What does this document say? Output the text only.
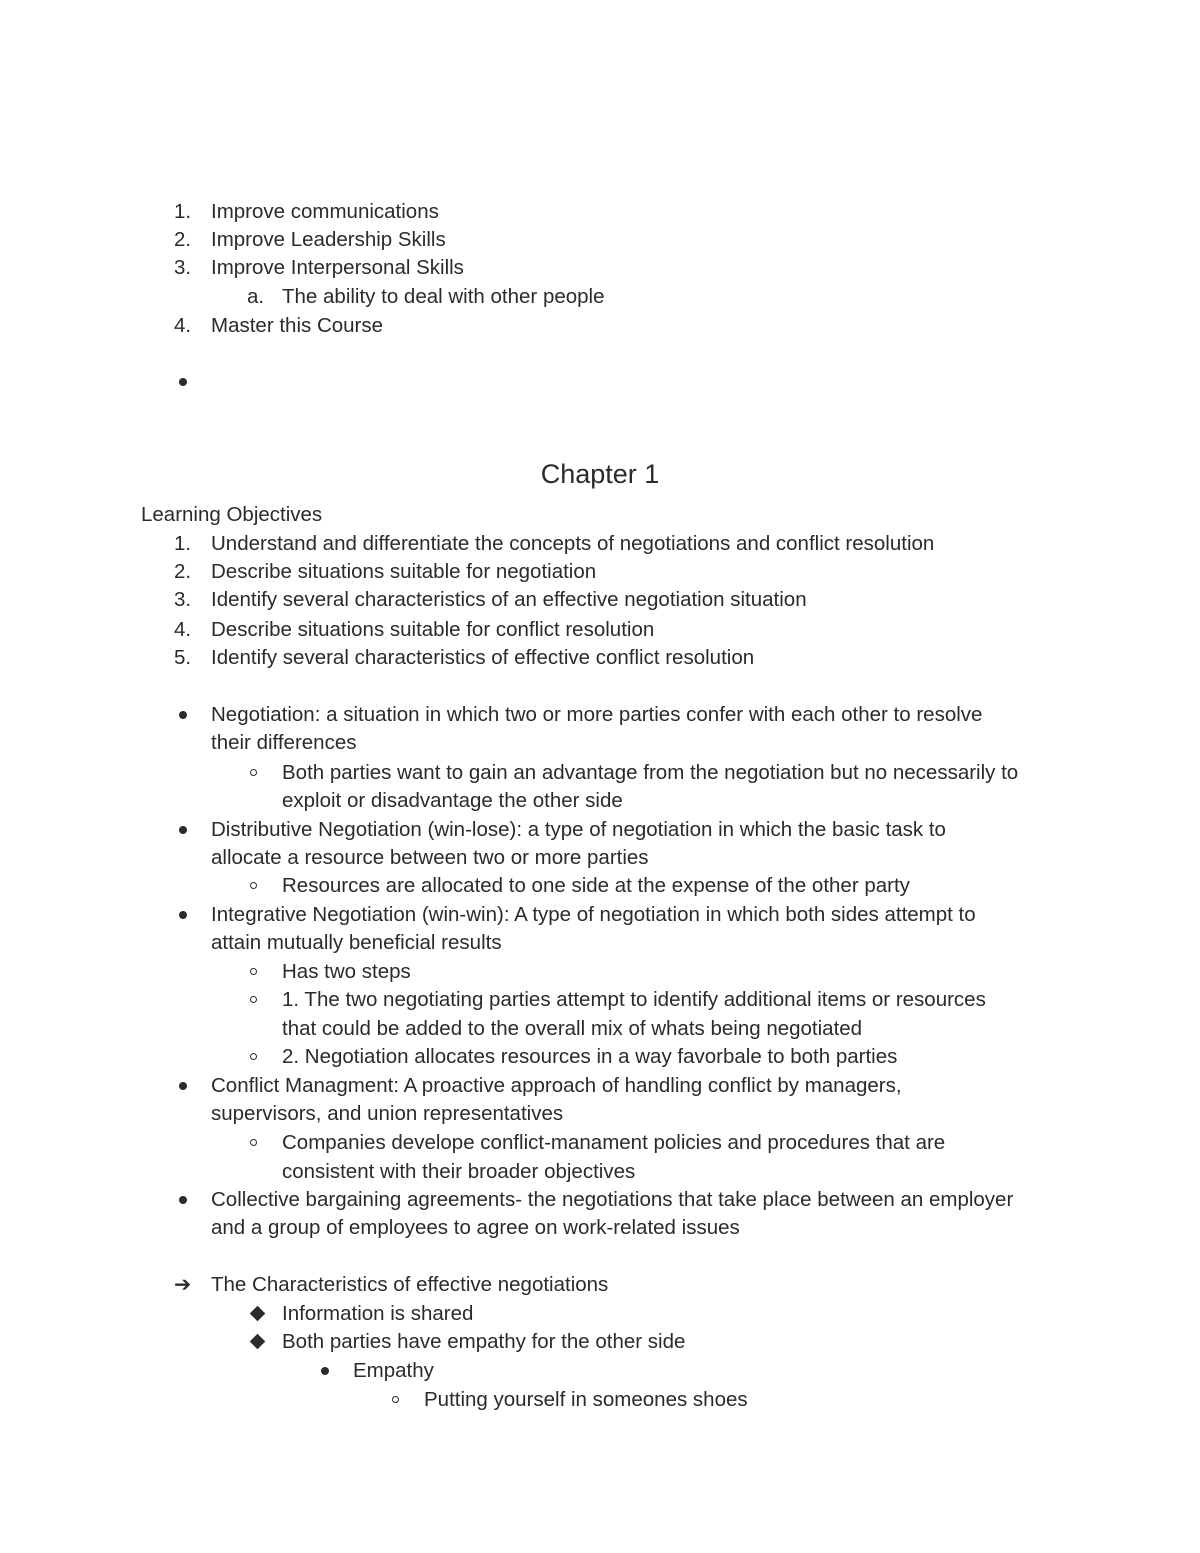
1. Improve communications
2. Improve Leadership Skills
3. Improve Interpersonal Skills
a. The ability to deal with other people
4. Master this Course
Chapter 1
Learning Objectives
1. Understand and differentiate the concepts of negotiations and conflict resolution
2. Describe situations suitable for negotiation
3. Identify several characteristics of an effective negotiation situation
4. Describe situations suitable for conflict resolution
5. Identify several characteristics of effective conflict resolution
Negotiation: a situation in which two or more parties confer with each other to resolve
their differences
Both parties want to gain an advantage from the negotiation but no necessarily to
exploit or disadvantage the other side
Distributive Negotiation (win-lose): a type of negotiation in which the basic task to
allocate a resource between two or more parties
Resources are allocated to one side at the expense of the other party
Integrative Negotiation (win-win): A type of negotiation in which both sides attempt to
attain mutually beneficial results
Has two steps
1. The two negotiating parties attempt to identify additional items or resources
that could be added to the overall mix of whats being negotiated
2. Negotiation allocates resources in a way favorbale to both parties
Conflict Managment: A proactive approach of handling conflict by managers,
supervisors, and union representatives
Companies develope conflict-manament policies and procedures that are
consistent with their broader objectives
Collective bargaining agreements- the negotiations that take place between an employer
and a group of employees to agree on work-related issues
➔ The Characteristics of effective negotiations
Information is shared
Both parties have empathy for the other side
Empathy
Putting yourself in someones shoes
